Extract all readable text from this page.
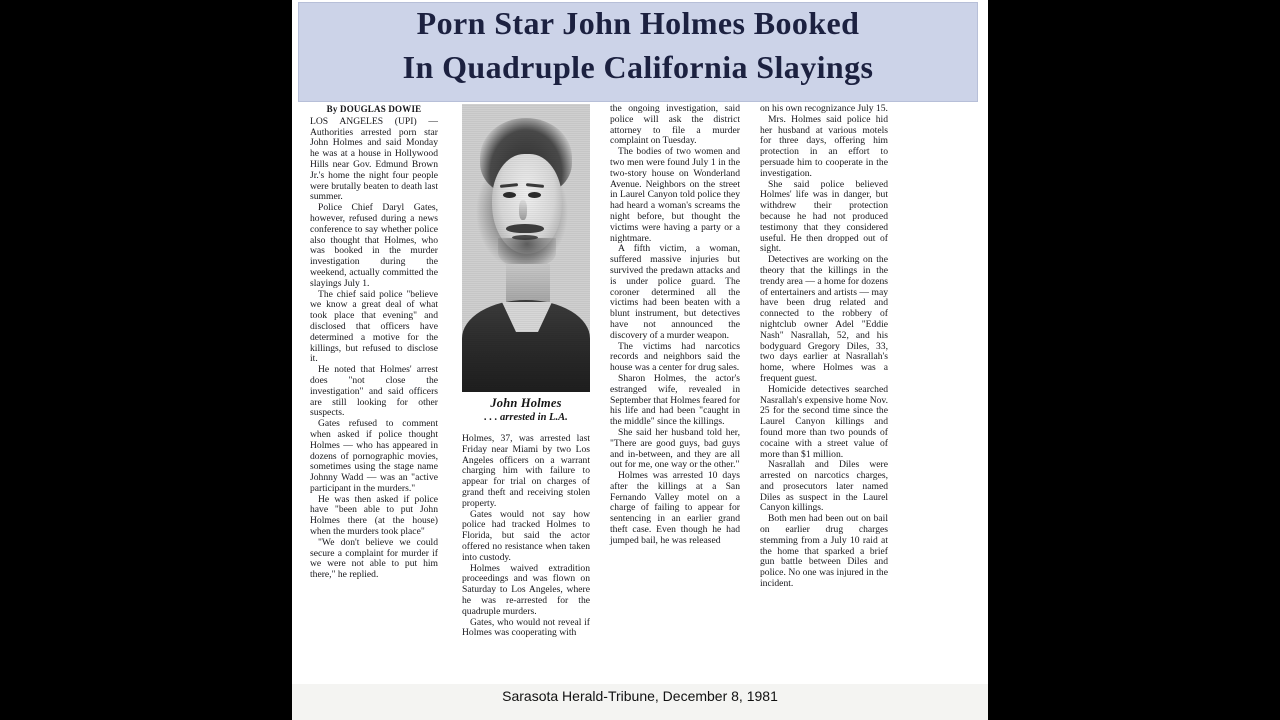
Porn Star John Holmes Booked
In Quadruple California Slayings
By DOUGLAS DOWIE

LOS ANGELES (UPI) — Authorities arrested porn star John Holmes and said Monday he was at a house in Hollywood Hills near Gov. Edmund Brown Jr.'s home the night four people were brutally beaten to death last summer.

Police Chief Daryl Gates, however, refused during a news conference to say whether police also thought that Holmes, who was booked in the murder investigation during the weekend, actually committed the slayings July 1.

The chief said police "believe we know a great deal of what took place that evening" and disclosed that officers have determined a motive for the killings, but refused to disclose it.

He noted that Holmes' arrest does "not close the investigation" and said officers are still looking for other suspects.

Gates refused to comment when asked if police thought Holmes — who has appeared in dozens of pornographic movies, sometimes using the stage name Johnny Wadd — was an "active participant in the murders."

He was then asked if police have "been able to put John Holmes there (at the house) when the murders took place"

"We don't believe we could secure a complaint for murder if we were not able to put him there," he replied.

John Holmes
. . . arrested in L.A.

Holmes, 37, was arrested last Friday near Miami by two Los Angeles officers on a warrant charging him with failure to appear for trial on charges of grand theft and receiving stolen property.

Gates would not say how police had tracked Holmes to Florida, but said the actor offered no resistance when taken into custody.

Holmes waived extradition proceedings and was flown on Saturday to Los Angeles, where he was re-arrested for the quadruple murders.

Gates, who would not reveal if Holmes was cooperating with

the ongoing investigation, said police will ask the district attorney to file a murder complaint on Tuesday.

The bodies of two women and two men were found July 1 in the two-story house on Wonderland Avenue. Neighbors on the street in Laurel Canyon told police they had heard a woman's screams the night before, but thought the victims were having a party or a nightmare.

A fifth victim, a woman, suffered massive injuries but survived the predawn attacks and is under police guard. The coroner determined all the victims had been beaten with a blunt instrument, but detectives have not announced the discovery of a murder weapon.

The victims had narcotics records and neighbors said the house was a center for drug sales.

Sharon Holmes, the actor's estranged wife, revealed in September that Holmes feared for his life and had been "caught in the middle" since the killings.

She said her husband told her, "There are good guys, bad guys and in-between, and they are all out for me, one way or the other."

Holmes was arrested 10 days after the killings at a San Fernando Valley motel on a charge of failing to appear for sentencing in an earlier grand theft case. Even though he had jumped bail, he was released

on his own recognizance July 15.

Mrs. Holmes said police hid her husband at various motels for three days, offering him protection in an effort to persuade him to cooperate in the investigation.

She said police believed Holmes' life was in danger, but withdrew their protection because he had not produced testimony that they considered useful. He then dropped out of sight.

Detectives are working on the theory that the killings in the trendy area — a home for dozens of entertainers and artists — may have been drug related and connected to the robbery of nightclub owner Adel "Eddie Nash" Nasrallah, 52, and his bodyguard Gregory Diles, 33, two days earlier at Nasrallah's home, where Holmes was a frequent guest.

Homicide detectives searched Nasrallah's expensive home Nov. 25 for the second time since the Laurel Canyon killings and found more than two pounds of cocaine with a street value of more than $1 million.

Nasrallah and Diles were arrested on narcotics charges, and prosecutors later named Diles as suspect in the Laurel Canyon killings.

Both men had been out on bail on earlier drug charges stemming from a July 10 raid at the home that sparked a brief gun battle between Diles and police. No one was injured in the incident.

Sarasota Herald-Tribune, December 8, 1981
